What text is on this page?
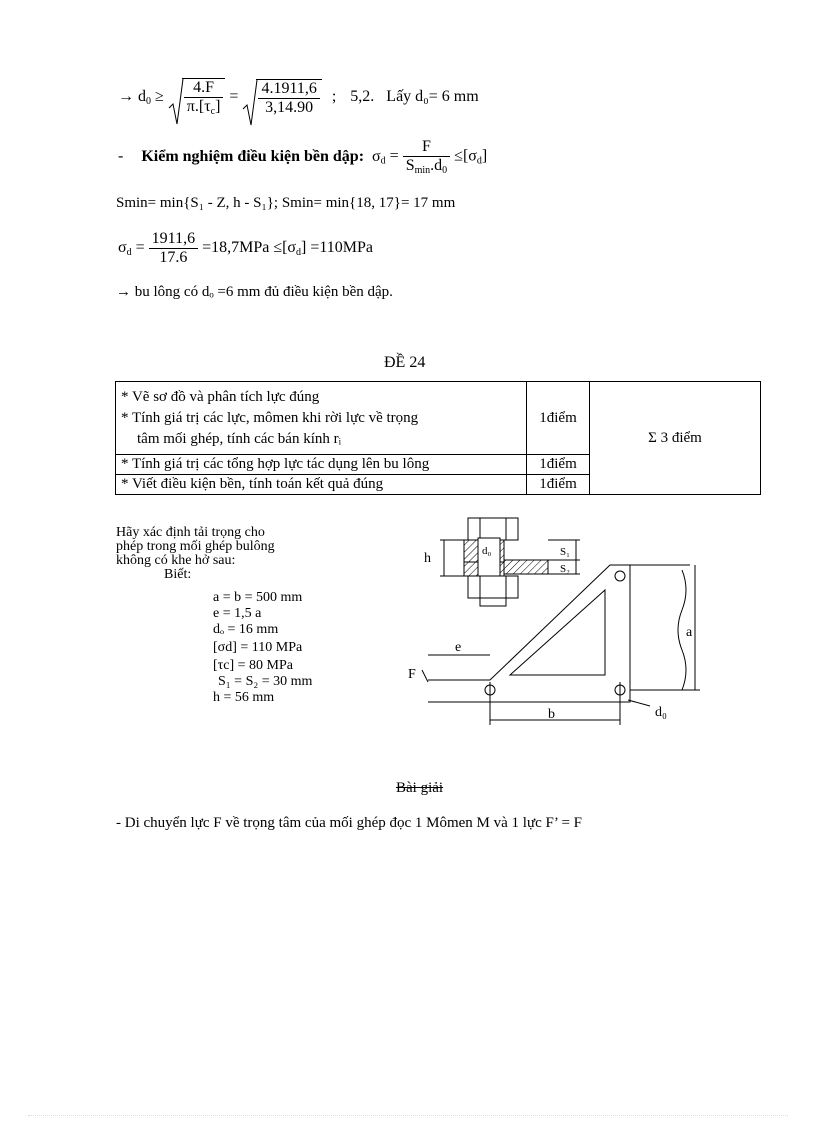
→ $d_0 \ge \frac{4.F}{\pi.[\tau_c]} = \frac{4.1911,6}{3,14.90}$ ; 5,2. Lấy d₀= 6 mm
- Kiểm nghiệm điều kiện bền dập: $\sigma_d = \frac{F}{S_{min}.d_0} \le[\sigma_d]$
Smin= min{S₁ - Z, h - S₁}; Smin= min{18, 17}= 17 mm
$\sigma_d = \frac{1911,6}{17.6} =18,7MPa \le[\sigma_d] =110MPa$
→ bu lông có dₒ =6 mm đủ điều kiện bền dập.
ĐỀ 24
* Vẽ sơ đồ và phân tích lực đúng
* Tính giá trị các lực, mômen khi rời lực về trọng
tâm mối ghép, tính các bán kính rᵢ	1điểm	Σ 3 điểm
* Tính giá trị các tổng hợp lực tác dụng lên bu lông	1điểm	
* Viết điều kiện bền, tính toán kết quả đúng	1điểm	
Hãy xác định tải trọng cho
phép trong mối ghép bulông
không có khe hở sau:
Biết:
a = b = 500 mm
e = 1,5 a
dₒ = 16 mm
[σd] = 110 MPa
[τc] = 80 MPa
S₁ = S₂ = 30 mm
h = 56 mm
h	d₀	S₁
S₂
a
b	d₀
e
F
Bài giải
- Di chuyển lực F về trọng tâm của mối ghép đọc 1 Mômen M và 1 lực F’ = F
